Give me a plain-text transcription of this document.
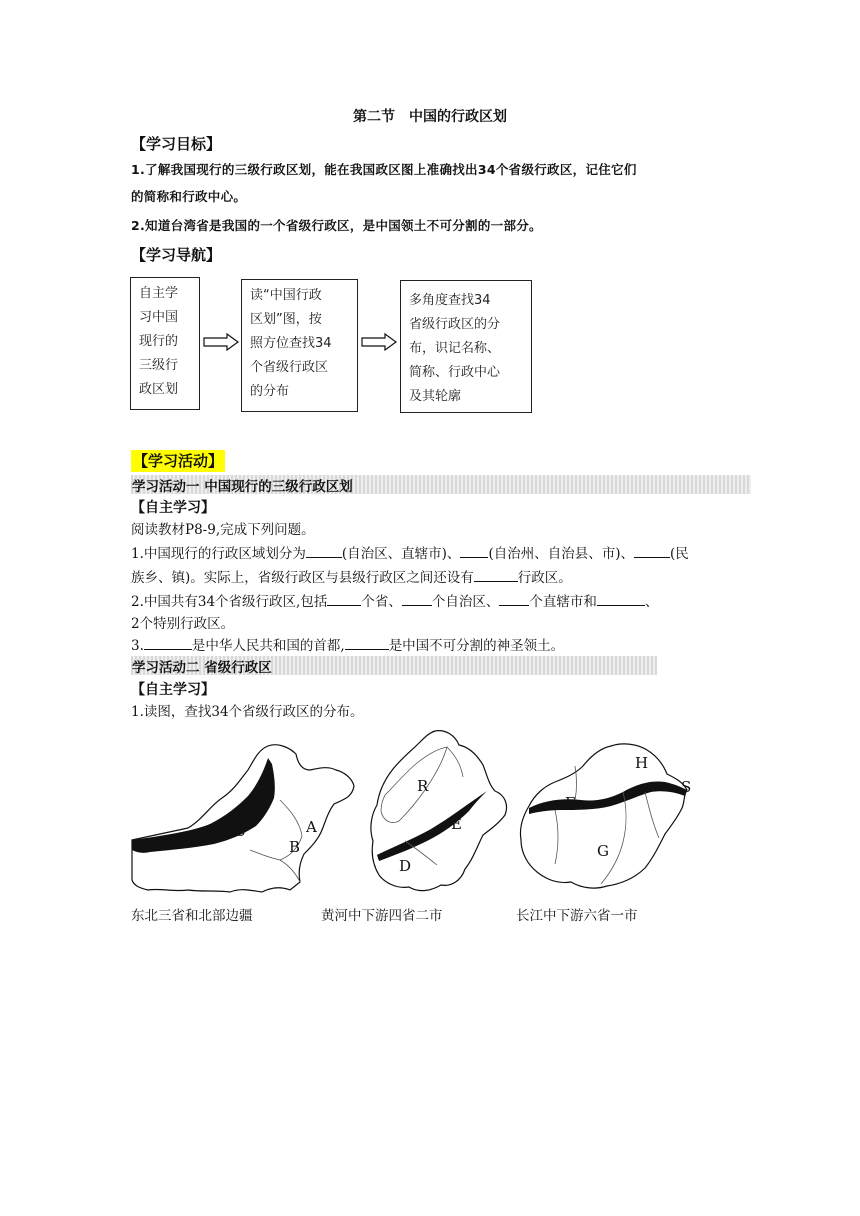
第二节　中国的行政区划
【学习目标】
1.了解我国现行的三级行政区划，能在我国政区图上准确找出34个省级行政区，记住它们
的简称和行政中心。
2.知道台湾省是我国的一个省级行政区，是中国领土不可分割的一部分。
【学习导航】
自主学
习中国
现行的
三级行
政区划
读“中国行政
区划”图，按
照方位查找34
个省级行政区
的分布
多角度查找34
省级行政区的分
布，识记名称、
简称、行政中心
及其轮廓
【学习活动】
学习活动一 中国现行的三级行政区划
【自主学习】
阅读教材P8-9,完成下列问题。
1.中国现行的行政区域划分为	(自治区、直辖市)、 (自治州、自治县、市)、	(民
族乡、镇)。实际上，省级行政区与县级行政区之间还设有	行政区。
2.中国共有34个省级行政区,包括	个省、 个自治区、 个直辖市和	、
2个特别行政区。
3.	是中华人民共和国的首都,	是中国不可分割的神圣领土。
学习活动二 省级行政区
【自主学习】
1.读图，查找34个省级行政区的分布。
A
B
C
R
E
D
H
S
F
G
东北三省和北部边疆	黄河中下游四省二市	长江中下游六省一市
